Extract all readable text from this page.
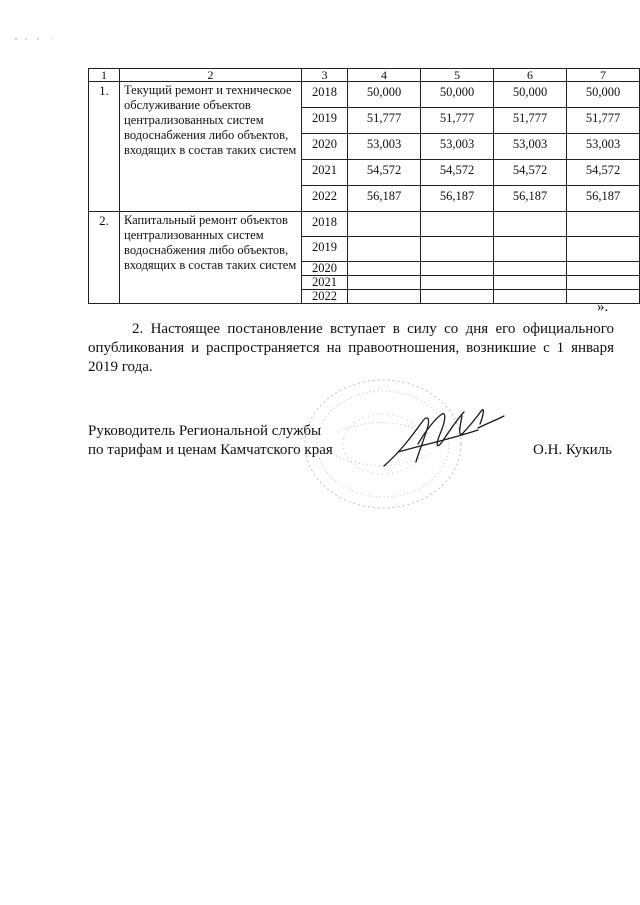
1	2	3	4	5	6	7
1.	Текущий ремонт и техническое обслуживание объектов централизованных систем водоснабжения либо объектов, входящих в состав таких систем	2018	50,000	50,000	50,000	50,000
		2019	51,777	51,777	51,777	51,777
		2020	53,003	53,003	53,003	53,003
		2021	54,572	54,572	54,572	54,572
		2022	56,187	56,187	56,187	56,187
2.	Капитальный ремонт объектов централизованных систем водоснабжения либо объектов, входящих в состав таких систем	2018				
		2019				
		2020				
		2021				
		2022				
».

2. Настоящее постановление вступает в силу со дня его официального опубликования и распространяется на правоотношения, возникшие с 1 января 2019 года.

Руководитель Региональной службы
по тарифам и ценам Камчатского края	О.Н. Кукиль
